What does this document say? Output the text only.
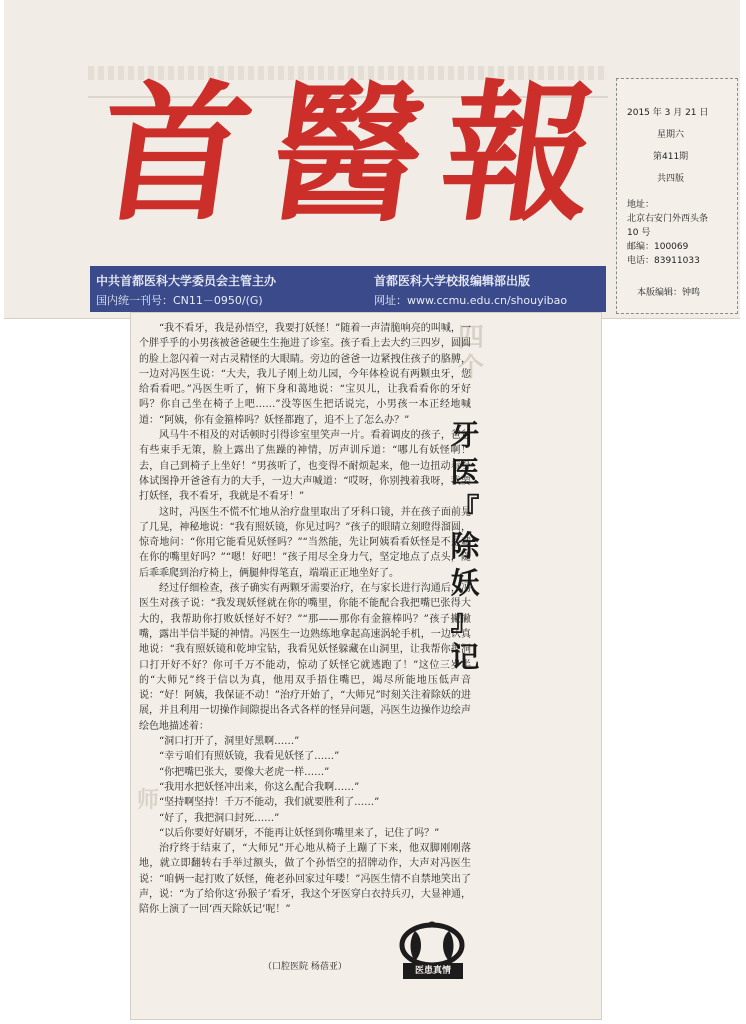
首
醫
報
中共首都医科大学委员会主管主办
国内统一刊号：CN11－0950/(G)
首都医科大学校报编辑部出版
网址：www.ccmu.edu.cn/shouyibao
2015 年 3 月 21 日
星期六
第411期
共四版
地址：
北京右安门外西头条
10 号
邮编：100069
电话：83911033
本版编辑：钟鸣
四
个
师

“我不看牙，我是孙悟空，我要打妖怪！”随着一声清脆响亮的叫喊，一个胖乎乎的小男孩被爸爸硬生生拖进了诊室。孩子看上去大约三四岁，圆圆的脸上忽闪着一对古灵精怪的大眼睛。旁边的爸爸一边紧拽住孩子的胳膊，一边对冯医生说：“大夫，我儿子刚上幼儿园，今年体检说有两颗虫牙，您给看看吧。”冯医生听了，俯下身和蔼地说：“宝贝儿，让我看看你的牙好吗？你自己坐在椅子上吧……”没等医生把话说完，小男孩一本正经地喊道：“阿姨，你有金箍棒吗？妖怪都跑了，追不上了怎么办？”

风马牛不相及的对话顿时引得诊室里笑声一片。看着调皮的孩子，爸爸有些束手无策，脸上露出了焦躁的神情，厉声训斥道：“哪儿有妖怪啊！去，自己到椅子上坐好！”男孩听了，也变得不耐烦起来，他一边扭动着身体试图挣开爸爸有力的大手，一边大声喊道：“哎呀，你别拽着我呀，我要打妖怪，我不看牙，我就是不看牙！”

这时，冯医生不慌不忙地从治疗盘里取出了牙科口镜，并在孩子面前晃了几晃，神秘地说：“我有照妖镜，你见过吗？”孩子的眼睛立刻瞪得溜圆，惊奇地问：“你用它能看见妖怪吗？”“当然能，先让阿姨看看妖怪是不是藏在你的嘴里好吗？”“嗯！好吧！”孩子用尽全身力气，坚定地点了点头，随后乖乖爬到治疗椅上，俩腿伸得笔直，端端正正地坐好了。

经过仔细检查，孩子确实有两颗牙需要治疗，在与家长进行沟通后，冯医生对孩子说：“我发现妖怪就在你的嘴里，你能不能配合我把嘴巴张得大大的，我帮助你打败妖怪好不好？”“那——那你有金箍棒吗？”孩子撇撇嘴，露出半信半疑的神情。冯医生一边熟练地拿起高速涡轮手机，一边认真地说：“我有照妖镜和乾坤宝钻，我看见妖怪躲藏在山洞里，让我帮你把洞口打开好不好？你可千万不能动，惊动了妖怪它就逃跑了！”这位三岁半的“大师兄”终于信以为真，他用双手捂住嘴巴，竭尽所能地压低声音说：“好！阿姨，我保证不动！”治疗开始了，“大师兄”时刻关注着除妖的进展，并且利用一切操作间隙提出各式各样的怪异问题，冯医生边操作边绘声绘色地描述着：

“洞口打开了，洞里好黑啊……”

“幸亏咱们有照妖镜，我看见妖怪了……”

“你把嘴巴张大，要像大老虎一样……”

“我用水把妖怪冲出来，你这么配合我啊……”

“坚持啊坚持！千万不能动，我们就要胜利了……”

“好了，我把洞口封死……”

“以后你要好好刷牙，不能再让妖怪到你嘴里来了，记住了吗？”

治疗终于结束了，“大师兄”开心地从椅子上蹦了下来，他双脚刚刚落地，就立即翻转右手举过额头，做了个孙悟空的招牌动作，大声对冯医生说：“咱俩一起打败了妖怪，俺老孙回家过年喽！”冯医生情不自禁地笑出了声，说：“为了给你这‘孙猴子’看牙，我这个牙医穿白衣持兵刃，大显神通，陪你上演了一回‘西天除妖记’呢！”

牙
医
『
除
妖
』
记
（口腔医院 杨蓓亚）	医患真情
